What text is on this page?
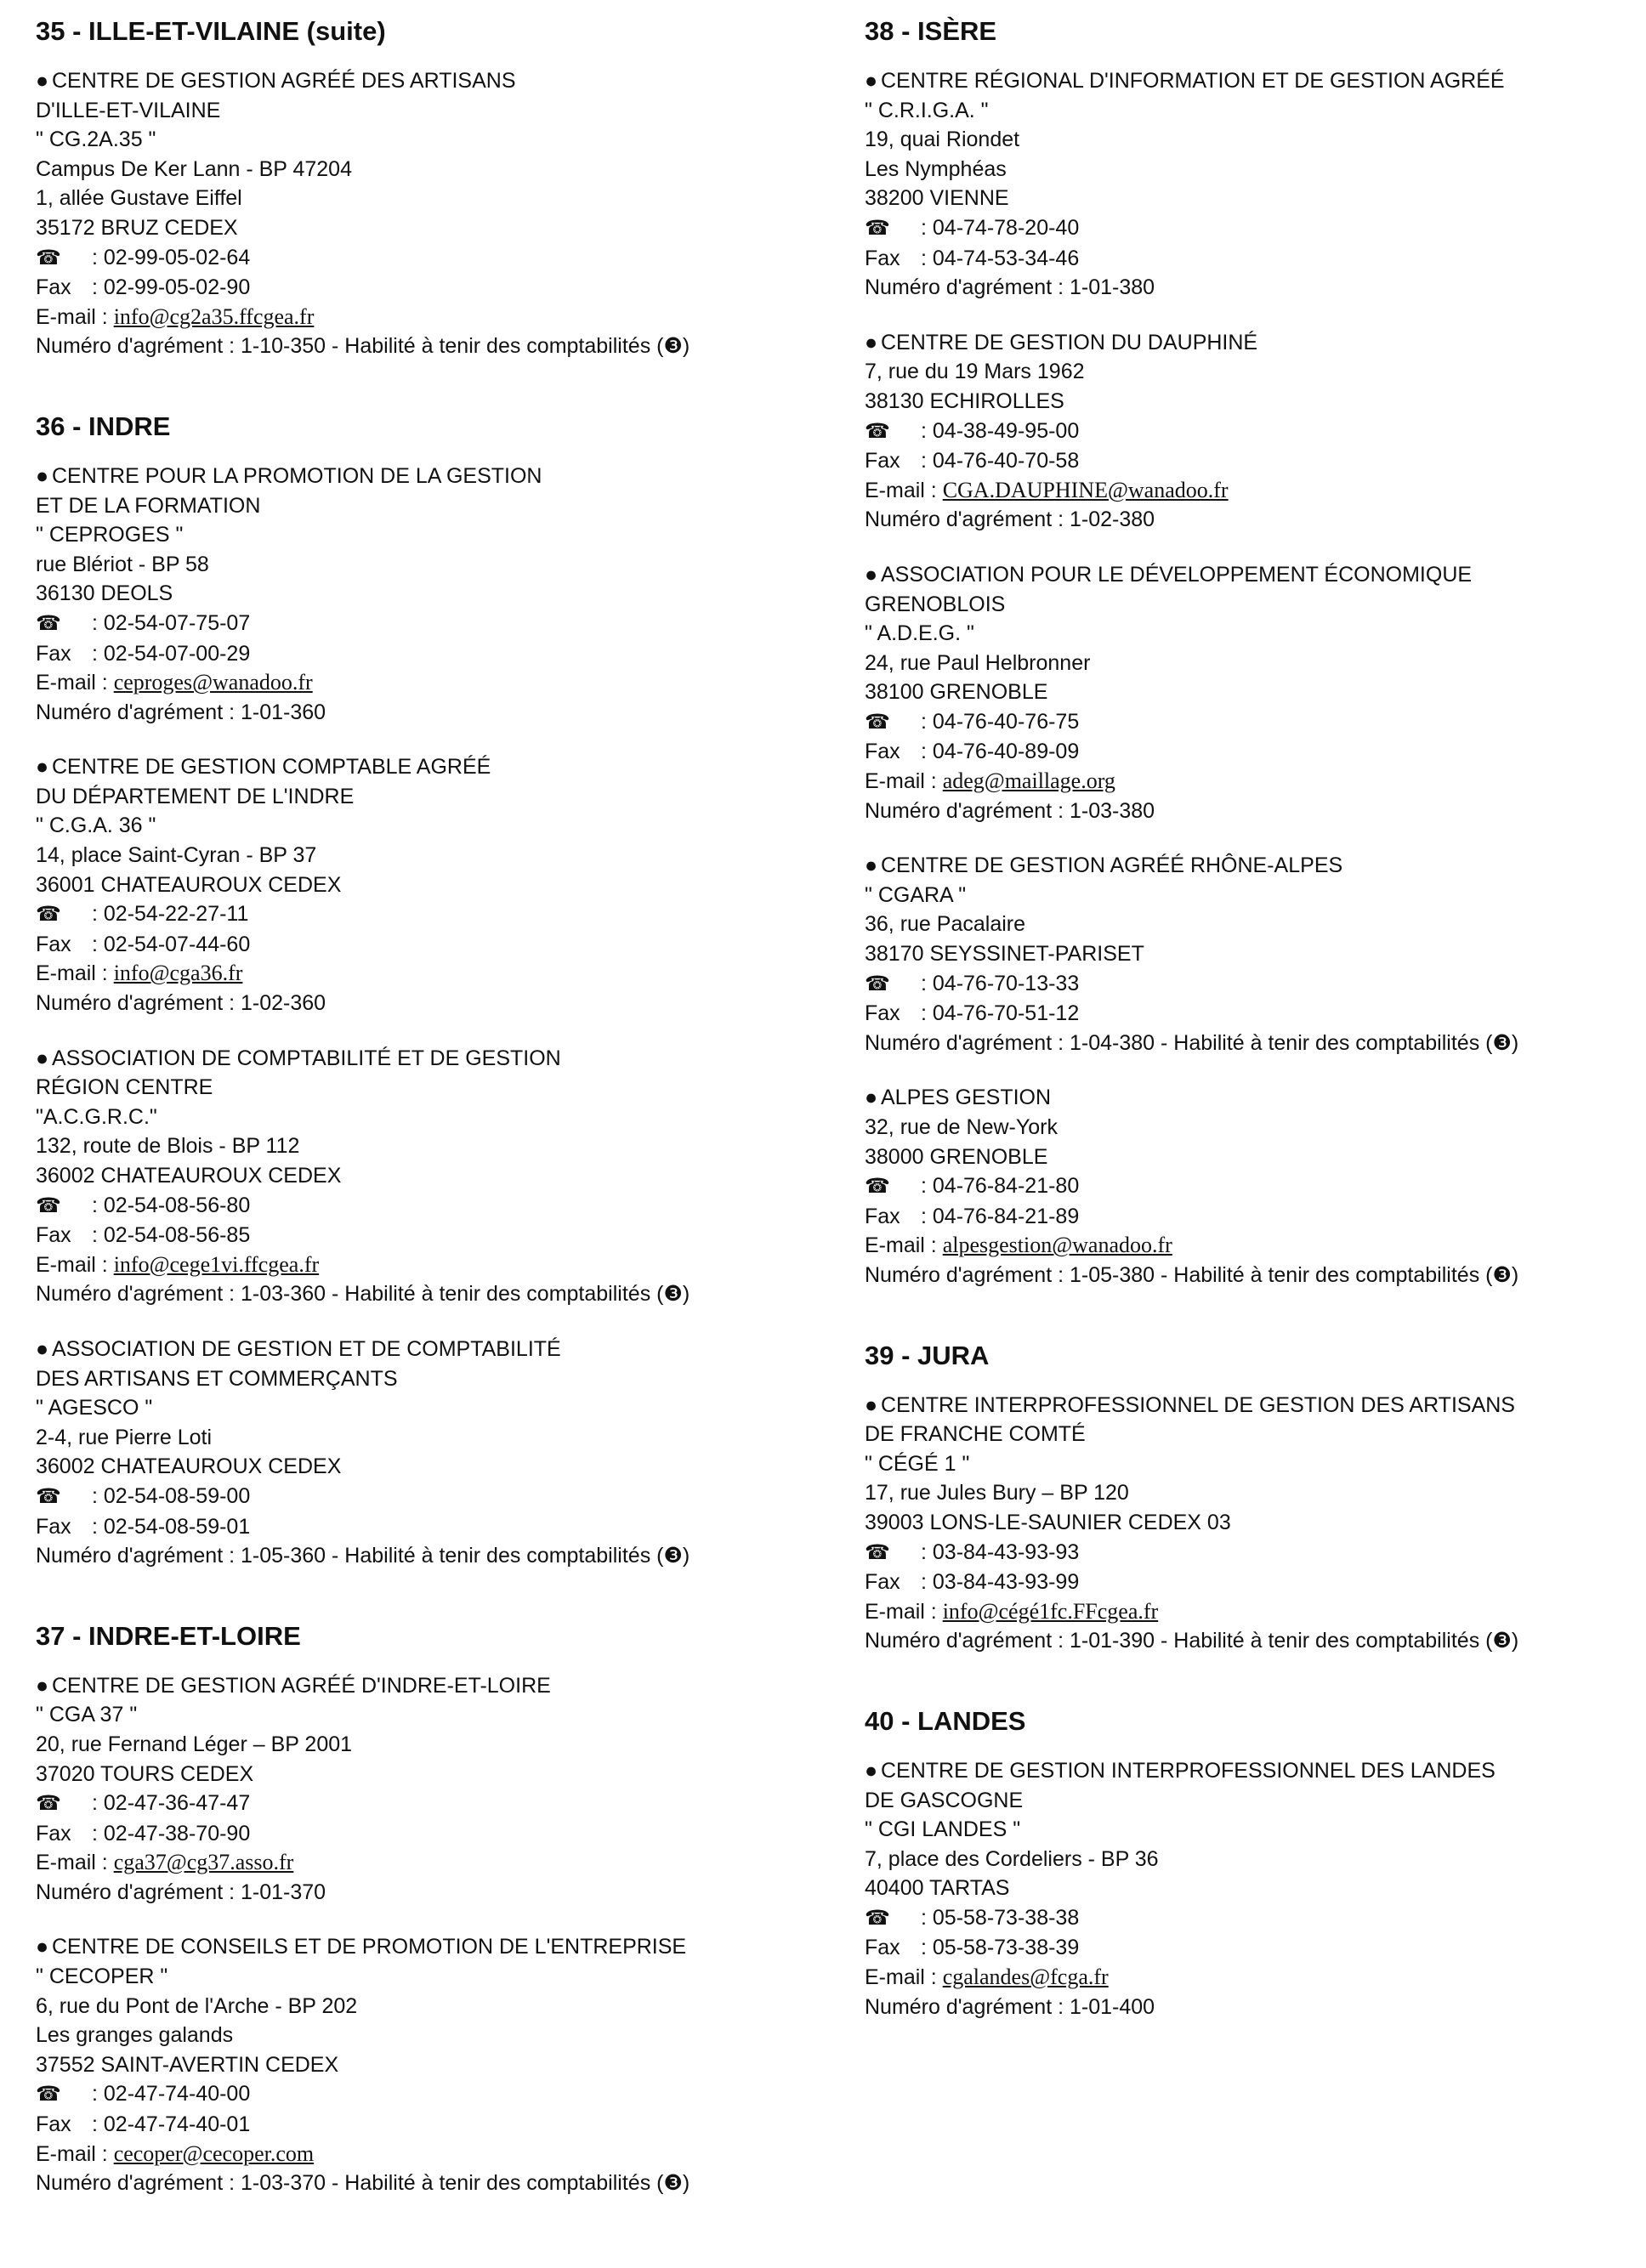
35 - ILLE-ET-VILAINE (suite)
● CENTRE DE GESTION AGRÉÉ DES ARTISANS
D'ILLE-ET-VILAINE
" CG.2A.35 "
Campus De Ker Lann - BP 47204
1, allée Gustave Eiffel
35172 BRUZ CEDEX
☎ : 02-99-05-02-64
Fax : 02-99-05-02-90
E-mail : info@cg2a35.ffcgea.fr
Numéro d'agrément : 1-10-350 - Habilité à tenir des comptabilités (❸)
36 - INDRE
● CENTRE POUR LA PROMOTION DE LA GESTION
ET DE LA FORMATION
" CEPROGES "
rue Blériot - BP 58
36130 DEOLS
☎ : 02-54-07-75-07
Fax : 02-54-07-00-29
E-mail : ceproges@wanadoo.fr
Numéro d'agrément : 1-01-360
● CENTRE DE GESTION COMPTABLE AGRÉÉ
DU DÉPARTEMENT DE L'INDRE
" C.G.A. 36 "
14, place Saint-Cyran - BP 37
36001 CHATEAUROUX CEDEX
☎ : 02-54-22-27-11
Fax : 02-54-07-44-60
E-mail : info@cga36.fr
Numéro d'agrément : 1-02-360
● ASSOCIATION DE COMPTABILITÉ ET DE GESTION
RÉGION CENTRE
"A.C.G.R.C."
132, route de Blois - BP 112
36002 CHATEAUROUX CEDEX
☎ : 02-54-08-56-80
Fax : 02-54-08-56-85
E-mail : info@cege1vi.ffcgea.fr
Numéro d'agrément : 1-03-360 - Habilité à tenir des comptabilités (❸)
● ASSOCIATION DE GESTION ET DE COMPTABILITÉ
DES ARTISANS ET COMMERÇANTS
" AGESCO "
2-4, rue Pierre Loti
36002 CHATEAUROUX CEDEX
☎ : 02-54-08-59-00
Fax : 02-54-08-59-01
Numéro d'agrément : 1-05-360 - Habilité à tenir des comptabilités (❸)
37 - INDRE-ET-LOIRE
● CENTRE DE GESTION AGRÉÉ D'INDRE-ET-LOIRE
" CGA 37 "
20, rue Fernand Léger – BP 2001
37020 TOURS CEDEX
☎ : 02-47-36-47-47
Fax : 02-47-38-70-90
E-mail : cga37@cg37.asso.fr
Numéro d'agrément : 1-01-370
● CENTRE DE CONSEILS ET DE PROMOTION DE L'ENTREPRISE
" CECOPER "
6, rue du Pont de l'Arche - BP 202
Les granges galands
37552 SAINT-AVERTIN CEDEX
☎ : 02-47-74-40-00
Fax : 02-47-74-40-01
E-mail : cecoper@cecoper.com
Numéro d'agrément : 1-03-370 - Habilité à tenir des comptabilités (❸)
38 - ISÈRE
● CENTRE RÉGIONAL D'INFORMATION ET DE GESTION AGRÉÉ
" C.R.I.G.A. "
19, quai Riondet
Les Nymphéas
38200 VIENNE
☎ : 04-74-78-20-40
Fax : 04-74-53-34-46
Numéro d'agrément : 1-01-380
● CENTRE DE GESTION DU DAUPHINÉ
7, rue du 19 Mars 1962
38130 ECHIROLLES
☎ : 04-38-49-95-00
Fax : 04-76-40-70-58
E-mail : CGA.DAUPHINE@wanadoo.fr
Numéro d'agrément : 1-02-380
● ASSOCIATION POUR LE DÉVELOPPEMENT ÉCONOMIQUE
GRENOBLOIS
" A.D.E.G. "
24, rue Paul Helbronner
38100 GRENOBLE
☎ : 04-76-40-76-75
Fax : 04-76-40-89-09
E-mail : adeg@maillage.org
Numéro d'agrément : 1-03-380
● CENTRE DE GESTION AGRÉÉ RHÔNE-ALPES
" CGARA "
36, rue Pacalaire
38170 SEYSSINET-PARISET
☎ : 04-76-70-13-33
Fax : 04-76-70-51-12
Numéro d'agrément : 1-04-380 - Habilité à tenir des comptabilités (❸)
● ALPES GESTION
32, rue de New-York
38000 GRENOBLE
☎ : 04-76-84-21-80
Fax : 04-76-84-21-89
E-mail : alpesgestion@wanadoo.fr
Numéro d'agrément : 1-05-380 - Habilité à tenir des comptabilités (❸)
39 - JURA
● CENTRE INTERPROFESSIONNEL DE GESTION DES ARTISANS
DE FRANCHE COMTÉ
" CÉGÉ 1 "
17, rue Jules Bury – BP 120
39003 LONS-LE-SAUNIER CEDEX 03
☎ : 03-84-43-93-93
Fax : 03-84-43-93-99
E-mail : info@cégé1fc.FFcgea.fr
Numéro d'agrément : 1-01-390 - Habilité à tenir des comptabilités (❸)
40 - LANDES
● CENTRE DE GESTION INTERPROFESSIONNEL DES LANDES
DE GASCOGNE
" CGI LANDES "
7, place des Cordeliers - BP 36
40400 TARTAS
☎ : 05-58-73-38-38
Fax : 05-58-73-38-39
E-mail : cgalandes@fcga.fr
Numéro d'agrément : 1-01-400
